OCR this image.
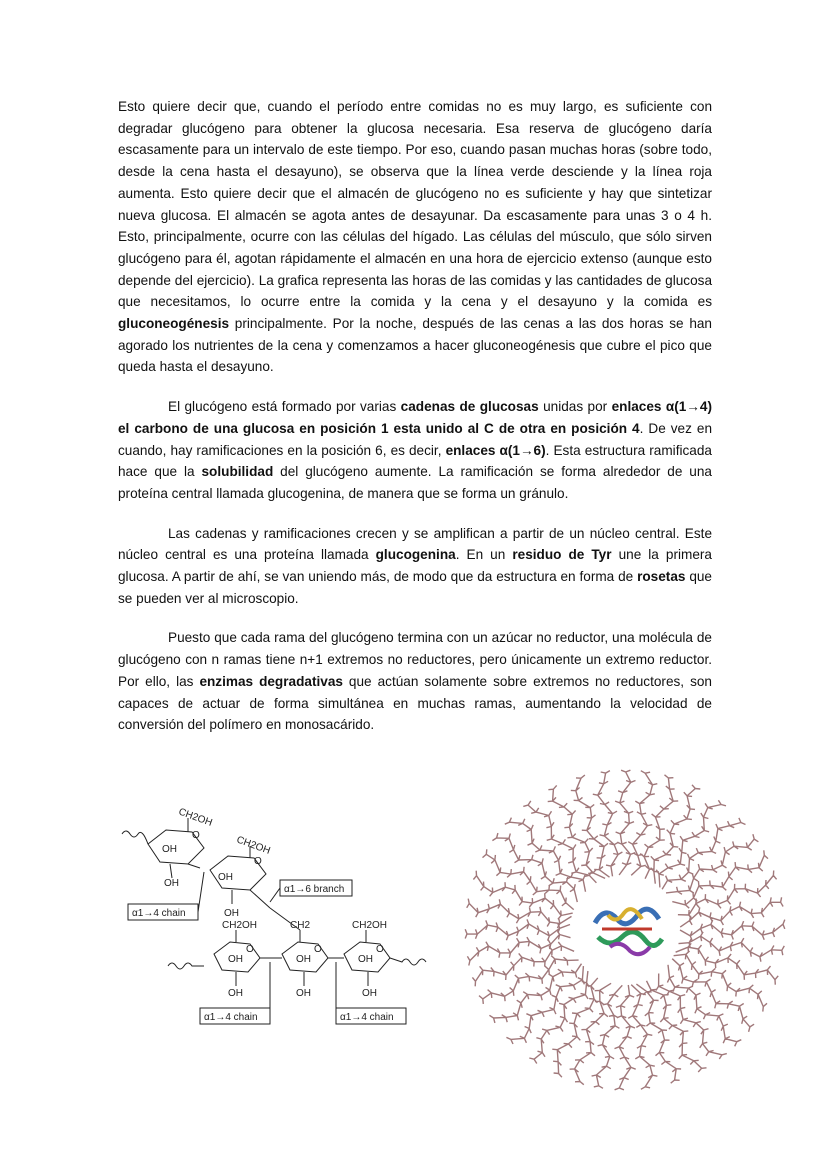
Esto quiere decir que, cuando el período entre comidas no es muy largo, es suficiente con degradar glucógeno para obtener la glucosa necesaria. Esa reserva de glucógeno daría escasamente para un intervalo de este tiempo. Por eso, cuando pasan muchas horas (sobre todo, desde la cena hasta el desayuno), se observa que la línea verde desciende y la línea roja aumenta. Esto quiere decir que el almacén de glucógeno no es suficiente y hay que sintetizar nueva glucosa. El almacén se agota antes de desayunar. Da escasamente para unas 3 o 4 h. Esto, principalmente, ocurre con las células del hígado. Las células del músculo, que sólo sirven glucógeno para él, agotan rápidamente el almacén en una hora de ejercicio extenso (aunque esto depende del ejercicio). La grafica representa las horas de las comidas y las cantidades de glucosa que necesitamos, lo ocurre entre la comida y la cena y el desayuno y la comida es gluconeogénesis principalmente. Por la noche, después de las cenas a las dos horas se han agorado los nutrientes de la cena y comenzamos a hacer gluconeogénesis que cubre el pico que queda hasta el desayuno.

El glucógeno está formado por varias cadenas de glucosas unidas por enlaces α(1→4) el carbono de una glucosa en posición 1 esta unido al C de otra en posición 4. De vez en cuando, hay ramificaciones en la posición 6, es decir, enlaces α(1→6). Esta estructura ramificada hace que la solubilidad del glucógeno aumente. La ramificación se forma alrededor de una proteína central llamada glucogenina, de manera que se forma un gránulo.

Las cadenas y ramificaciones crecen y se amplifican a partir de un núcleo central. Este núcleo central es una proteína llamada glucogenina. En un residuo de Tyr une la primera glucosa. A partir de ahí, se van uniendo más, de modo que da estructura en forma de rosetas que se pueden ver al microscopio.

Puesto que cada rama del glucógeno termina con un azúcar no reductor, una molécula de glucógeno con n ramas tiene n+1 extremos no reductores, pero únicamente un extremo reductor. Por ello, las enzimas degradativas que actúan solamente sobre extremos no reductores, son capaces de actuar de forma simultánea en muchas ramas, aumentando la velocidad de conversión del polímero en monosacárido.

CH2OH
CH2OH
CH2OH	CH2	CH2OH
OH
OH
OH
OH
OH	OH	OH
OH	OH	OH
O
O
O	O	O
α1→6 branch
α1→4 chain
α1→4 chain	α1→4 chain
